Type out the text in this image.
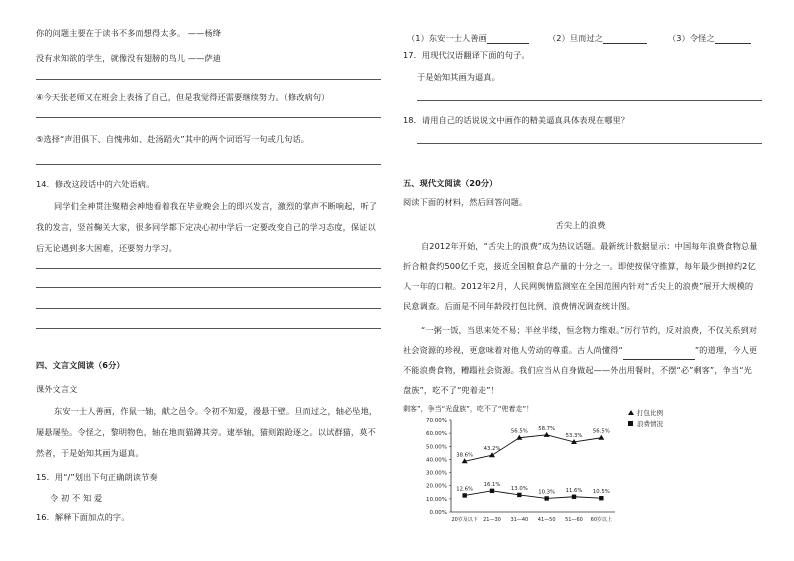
你的问题主要在于读书不多而想得太多。 ——杨绛
没有求知欲的学生，就像没有翅膀的鸟儿 ——萨迪
④今天张老师又在班会上表扬了自己，但是我觉得还需要继续努力。（修改病句）
⑤选择“声泪俱下、自愧弗如、赴汤蹈火”其中的两个词语写一句或几句话。
14．修改这段话中的六处语病。
同学们全神贯注聚精会神地看着我在毕业晚会上的即兴发言，激烈的掌声不断响起，听了我的发言，竖首鞠关大家，很多同学都下定决心初中学后一定要改变自己的学习态度，保证以后无论遇到多大困难，还要努力学习。
四、文言文阅读（6分）
课外文言文
东安一士人善画，作鼠一轴，献之邑令。令初不知爱，漫悬于壁。旦而过之，轴必坠地，屡悬屡坠。令怪之，黎明物色，轴在地而猫蹲其旁。逮举轴，猫则踉跄逐之。以试群猫，莫不然者，于是始知其画为逼真。
15．用“/”划出下句正确朗读节奏
令 初 不 知 爱
16．解释下面加点的字。
（1）东安一士人善画	（2）旦而过之	（3）令怪之
17．用现代汉语翻译下面的句子。
于是始知其画为逼真。
18．请用自己的话说说文中画作的精美逼真具体表现在哪里？
五、现代文阅读（20分）
阅读下面的材料，然后回答问题。
舌尖上的浪费
自2012年开始，“舌尖上的浪费”成为热议话题。最新统计数据显示：中国每年浪费食物总量折合粮食约500亿千克，接近全国粮食总产量的十分之一。即使按保守推算，每年最少倒掉约2亿人一年的口粮。2012年2月，人民网舆情监测室在全国范围内针对“舌尖上的浪费”展开大规模的民意调查。后面是不同年龄段打包比例、浪费情况调查统计图。
“一粥一饭，当思来处不易；半丝半缕，恒念物力维艰。”厉行节约，反对浪费，不仅关系到对社会资源的珍视，更意味着对他人劳动的尊重。古人尚懂得“	”的道理，今人更不能浪费食物，糟蹋社会资源。我们应当从自身做起——外出用餐时，不摆“必”剩客”，争当“光盘族”，吃不了“兜着走”！
剩客”，争当“光盘族”，吃不了“兜着走”！
0.00%
10.00%
20.00%
30.00%
40.00%
50.00%
60.00%
70.00%
20岁及以下 21—30 31—40 41—50 51—60 60岁以上
38.6%
43.2%
56.5% 58.7%
53.3%
56.5%
12.6%
16.1%
13.0%
10.3% 11.6% 10.5%
打包比例
浪费情况
